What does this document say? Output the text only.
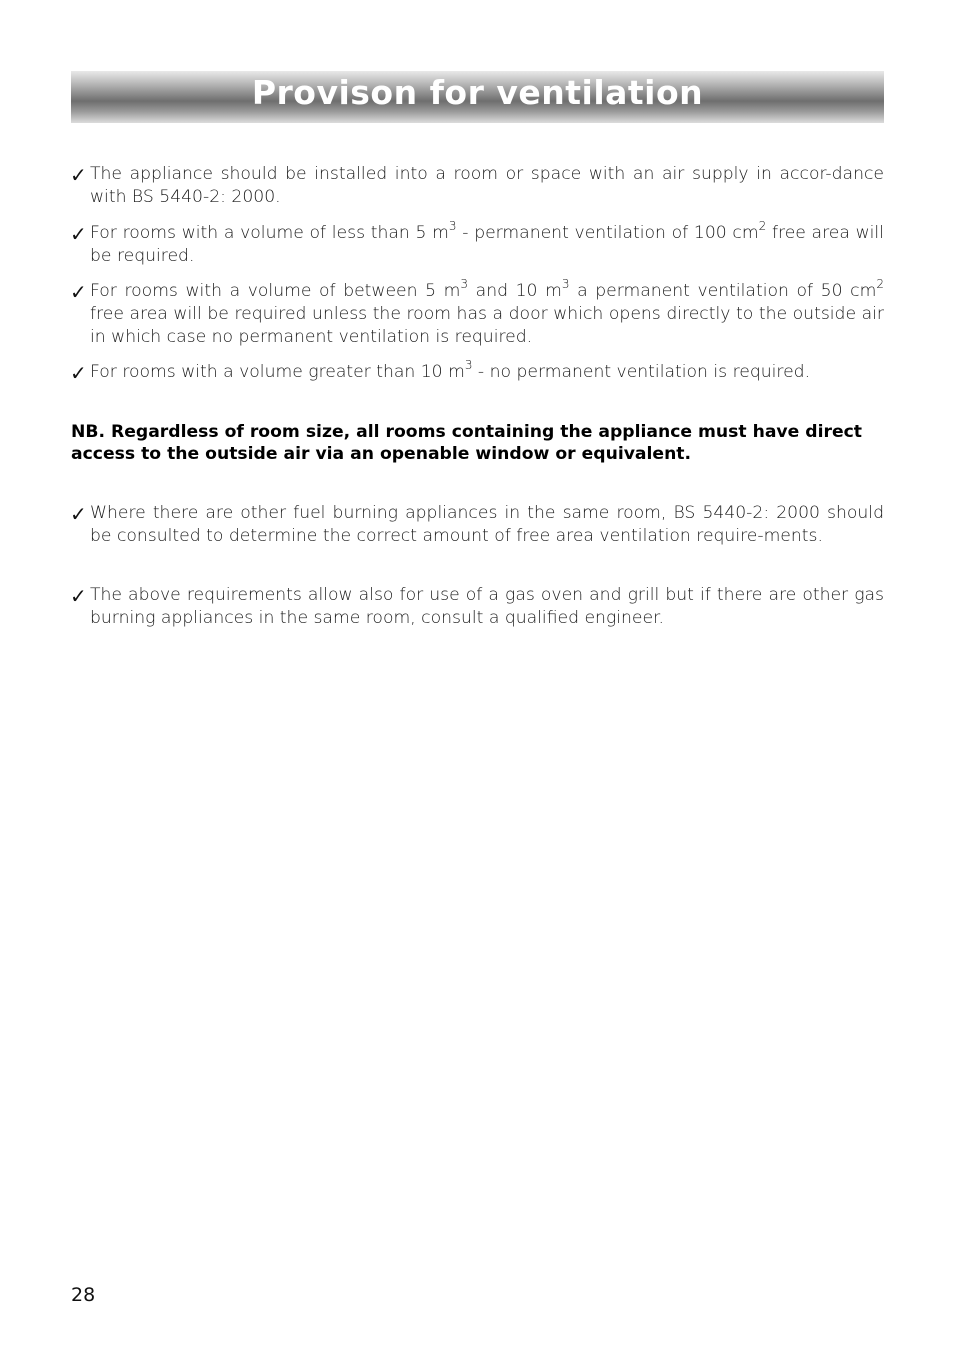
Provison for ventilation
✓ The appliance should be installed into a room or space with an air supply in accor-dance with BS 5440-2: 2000.
✓ For rooms with a volume of less than 5 $m^3$ - permanent ventilation of 100 $cm^2$ free area will be required.
✓ For rooms with a volume of between 5 $m^3$ and 10 $m^3$ a permanent ventilation of 50 $cm^2$ free area will be required unless the room has a door which opens directly to the outside air in which case no permanent ventilation is required.
✓ For rooms with a volume greater than 10 $m^3$ - no permanent ventilation is required.
NB. Regardless of room size, all rooms containing the appliance must have direct access to the outside air via an openable window or equivalent.
✓ Where there are other fuel burning appliances in the same room, BS 5440-2: 2000 should be consulted to determine the correct amount of free area ventilation require-ments.
✓ The above requirements allow also for use of a gas oven and grill but if there are other gas burning appliances in the same room, consult a qualified engineer.
28
